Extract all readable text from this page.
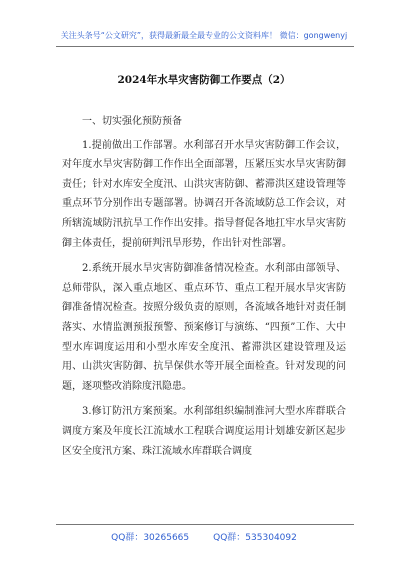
关注头条号“公文研究”，获得最新最全最专业的公文资料库！ 微信：gongwenyj
2024年水旱灾害防御工作要点（2）

一、切实强化预防预备

1.提前做出工作部署。水利部召开水旱灾害防御工作会议，对年度水旱灾害防御工作作出全面部署，压紧压实水旱灾害防御责任；针对水库安全度汛、山洪灾害防御、蓄滞洪区建设管理等重点环节分别作出专题部署。协调召开各流域防总工作会议，对所辖流域防汛抗旱工作作出安排。指导督促各地扛牢水旱灾害防御主体责任，提前研判汛旱形势，作出针对性部署。

2.系统开展水旱灾害防御准备情况检查。水利部由部领导、总师带队，深入重点地区、重点环节、重点工程开展水旱灾害防御准备情况检查。按照分级负责的原则，各流域各地针对责任制落实、水情监测预报预警、预案修订与演练、“四预”工作、大中型水库调度运用和小型水库安全度汛、蓄滞洪区建设管理及运用、山洪灾害防御、抗旱保供水等开展全面检查。针对发现的问题，逐项整改消除度汛隐患。

3.修订防汛方案预案。水利部组织编制淮河大型水库群联合调度方案及年度长江流域水工程联合调度运用计划雄安新区起步区安全度汛方案、珠江流域水库群联合调度

QQ群：30265665	QQ群：535304092
